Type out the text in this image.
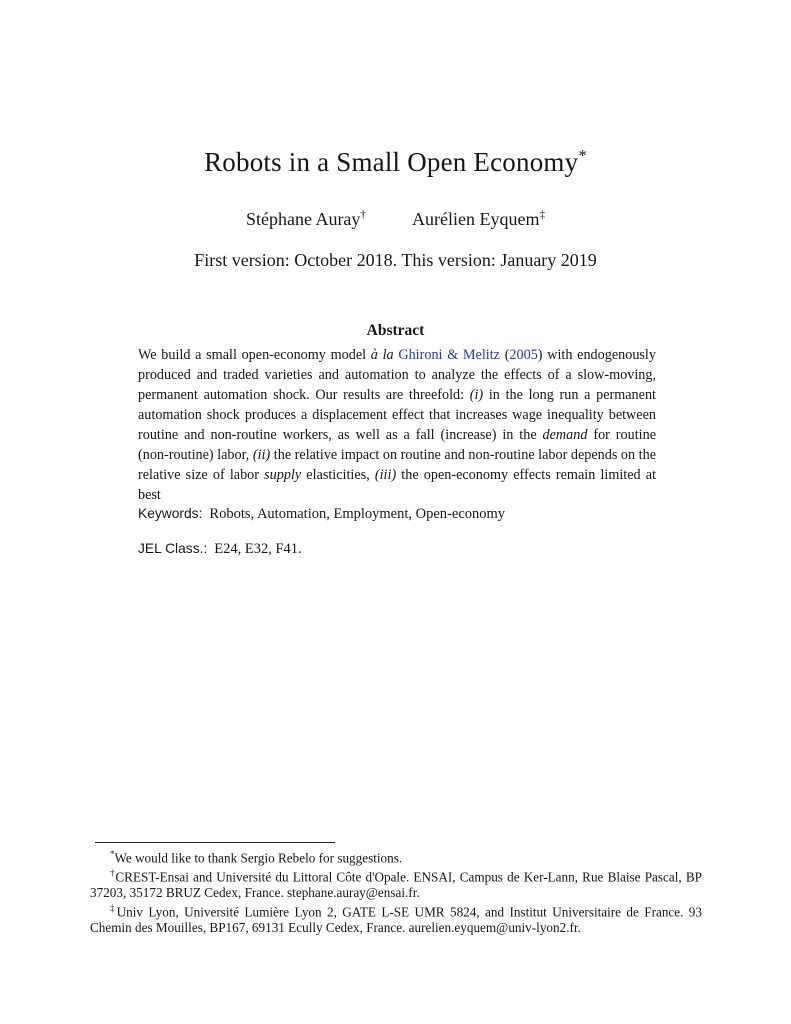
Robots in a Small Open Economy*
Stéphane Auray†	Aurélien Eyquem‡
First version: October 2018. This version: January 2019
Abstract
We build a small open-economy model à la Ghironi & Melitz (2005) with endogenously produced and traded varieties and automation to analyze the effects of a slow-moving, permanent automation shock. Our results are threefold: (i) in the long run a permanent automation shock produces a displacement effect that increases wage inequality between routine and non-routine workers, as well as a fall (increase) in the demand for routine (non-routine) labor, (ii) the relative impact on routine and non-routine labor depends on the relative size of labor supply elasticities, (iii) the open-economy effects remain limited at best
Keywords: Robots, Automation, Employment, Open-economy
JEL Class.: E24, E32, F41.

*We would like to thank Sergio Rebelo for suggestions.

†CREST-Ensai and Université du Littoral Côte d'Opale. ENSAI, Campus de Ker-Lann, Rue Blaise Pascal, BP 37203, 35172 BRUZ Cedex, France. stephane.auray@ensai.fr.

‡Univ Lyon, Université Lumière Lyon 2, GATE L-SE UMR 5824, and Institut Universitaire de France. 93 Chemin des Mouilles, BP167, 69131 Ecully Cedex, France. aurelien.eyquem@univ-lyon2.fr.
